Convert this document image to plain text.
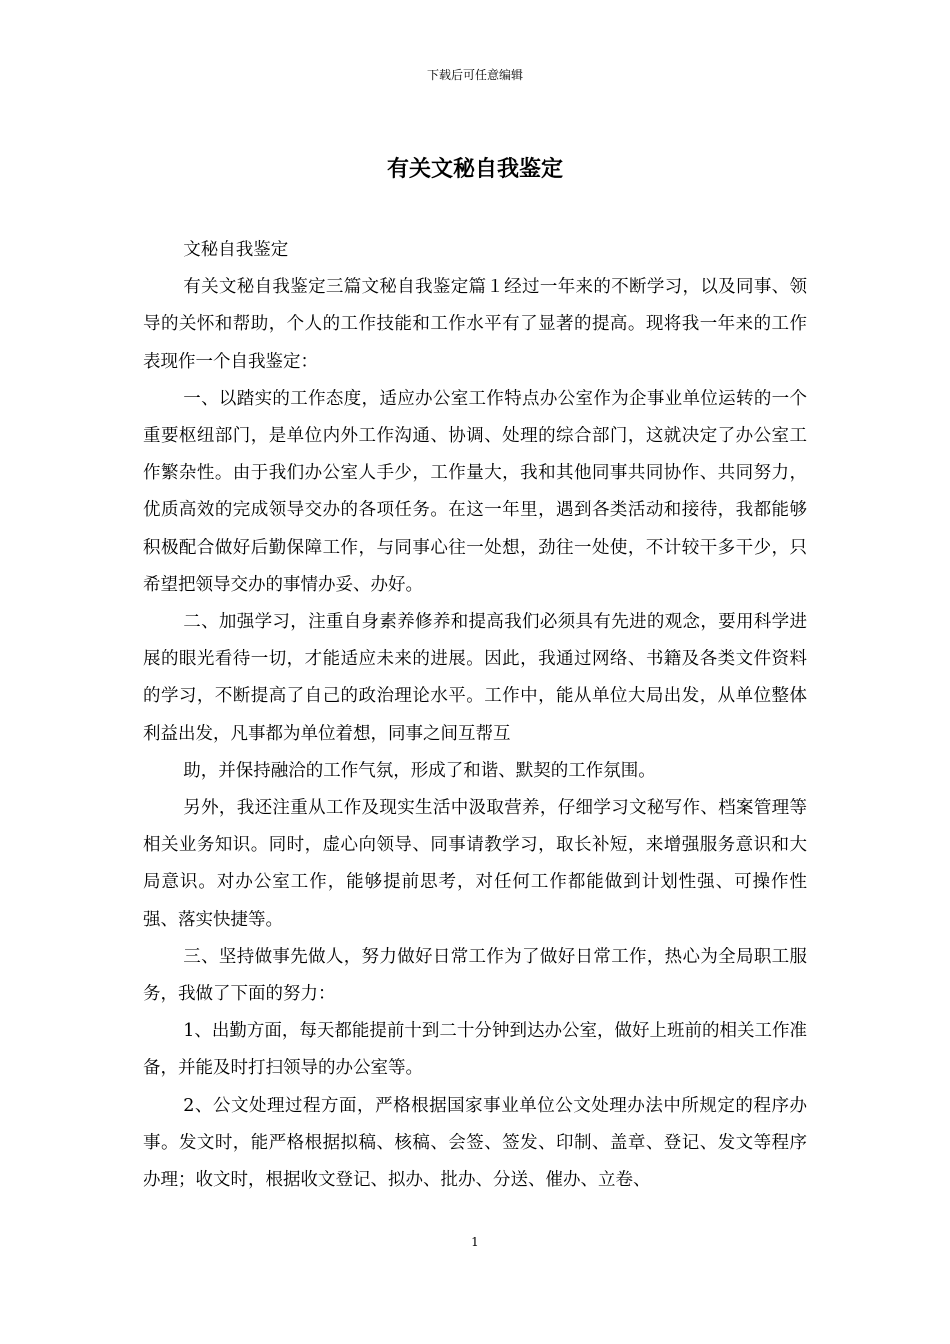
下载后可任意编辑
有关文秘自我鉴定

文秘自我鉴定

有关文秘自我鉴定三篇文秘自我鉴定篇１经过一年来的不断学习，以及同事、领导的关怀和帮助，个人的工作技能和工作水平有了显著的提高。现将我一年来的工作表现作一个自我鉴定：

一、以踏实的工作态度，适应办公室工作特点办公室作为企事业单位运转的一个重要枢纽部门，是单位内外工作沟通、协调、处理的综合部门，这就决定了办公室工作繁杂性。由于我们办公室人手少，工作量大，我和其他同事共同协作、共同努力，优质高效的完成领导交办的各项任务。在这一年里，遇到各类活动和接待，我都能够积极配合做好后勤保障工作，与同事心往一处想，劲往一处使，不计较干多干少，只希望把领导交办的事情办妥、办好。

二、加强学习，注重自身素养修养和提高我们必须具有先进的观念，要用科学进展的眼光看待一切，才能适应未来的进展。因此，我通过网络、书籍及各类文件资料的学习，不断提高了自己的政治理论水平。工作中，能从单位大局出发，从单位整体利益出发，凡事都为单位着想，同事之间互帮互

助，并保持融洽的工作气氛，形成了和谐、默契的工作氛围。

另外，我还注重从工作及现实生活中汲取营养，仔细学习文秘写作、档案管理等相关业务知识。同时，虚心向领导、同事请教学习，取长补短，来增强服务意识和大局意识。对办公室工作，能够提前思考，对任何工作都能做到计划性强、可操作性强、落实快捷等。

三、坚持做事先做人，努力做好日常工作为了做好日常工作，热心为全局职工服务，我做了下面的努力：

1、出勤方面，每天都能提前十到二十分钟到达办公室，做好上班前的相关工作准备，并能及时打扫领导的办公室等。

2、公文处理过程方面，严格根据国家事业单位公文处理办法中所规定的程序办事。发文时，能严格根据拟稿、核稿、会签、签发、印制、盖章、登记、发文等程序办理；收文时，根据收文登记、拟办、批办、分送、催办、立卷、

1
